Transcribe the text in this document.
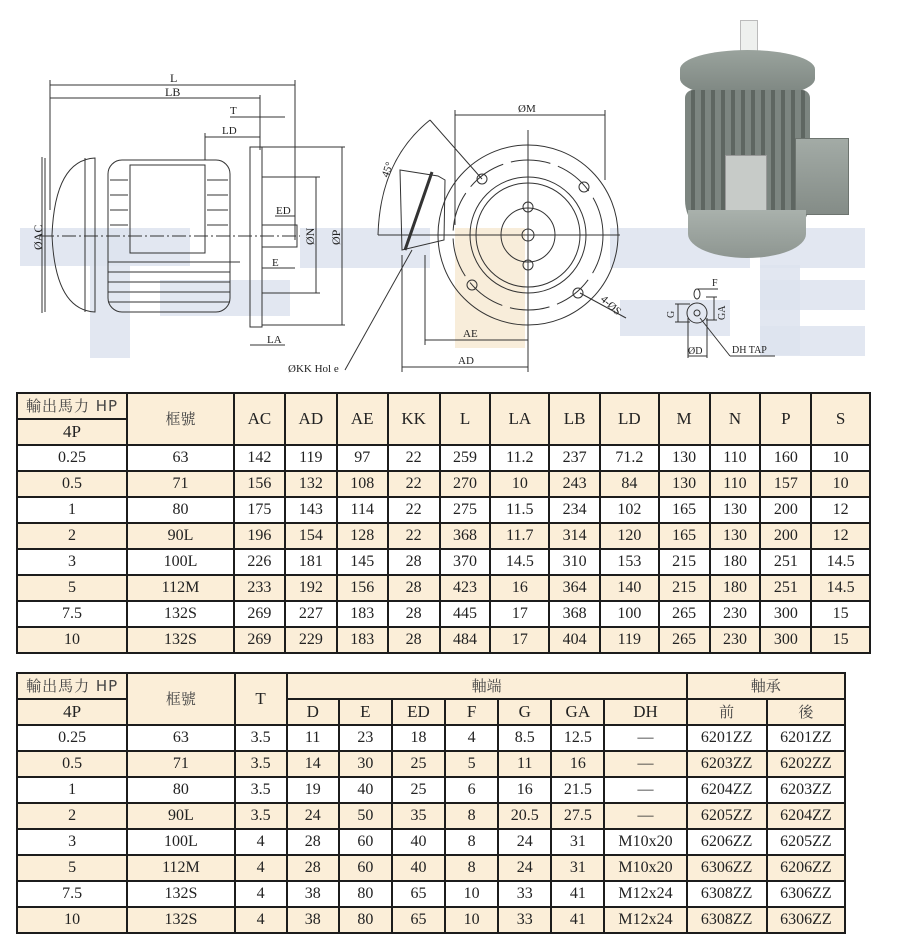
L
LB
T
LD
ED
E
ØAC	ØN ØP
LA
ØKK Hol e
ØM
45°
4-ØS
AE
AD
F
G	GA
ØD	DH TAP
輸出馬力 HP	框號	AC	AD	AE	KK	L	LA	LB	LD	M	N	P	S
4P													
0.25	63	142	119	97	22	259	11.2	237	71.2	130	110	160	10
0.5	71	156	132	108	22	270	10	243	84	130	110	157	10
1	80	175	143	114	22	275	11.5	234	102	165	130	200	12
2	90L	196	154	128	22	368	11.7	314	120	165	130	200	12
3	100L	226	181	145	28	370	14.5	310	153	215	180	251	14.5
5	112M	233	192	156	28	423	16	364	140	215	180	251	14.5
7.5	132S	269	227	183	28	445	17	368	100	265	230	300	15
10	132S	269	229	183	28	484	17	404	119	265	230	300	15
輸出馬力 HP	框號	T	軸端							軸承	
4P			D	E	ED	F	G	GA	DH	前	後
0.25	63	3.5	11	23	18	4	8.5	12.5	—	6201ZZ	6201ZZ
0.5	71	3.5	14	30	25	5	11	16	—	6203ZZ	6202ZZ
1	80	3.5	19	40	25	6	16	21.5	—	6204ZZ	6203ZZ
2	90L	3.5	24	50	35	8	20.5	27.5	—	6205ZZ	6204ZZ
3	100L	4	28	60	40	8	24	31	M10x20	6206ZZ	6205ZZ
5	112M	4	28	60	40	8	24	31	M10x20	6306ZZ	6206ZZ
7.5	132S	4	38	80	65	10	33	41	M12x24	6308ZZ	6306ZZ
10	132S	4	38	80	65	10	33	41	M12x24	6308ZZ	6306ZZ
